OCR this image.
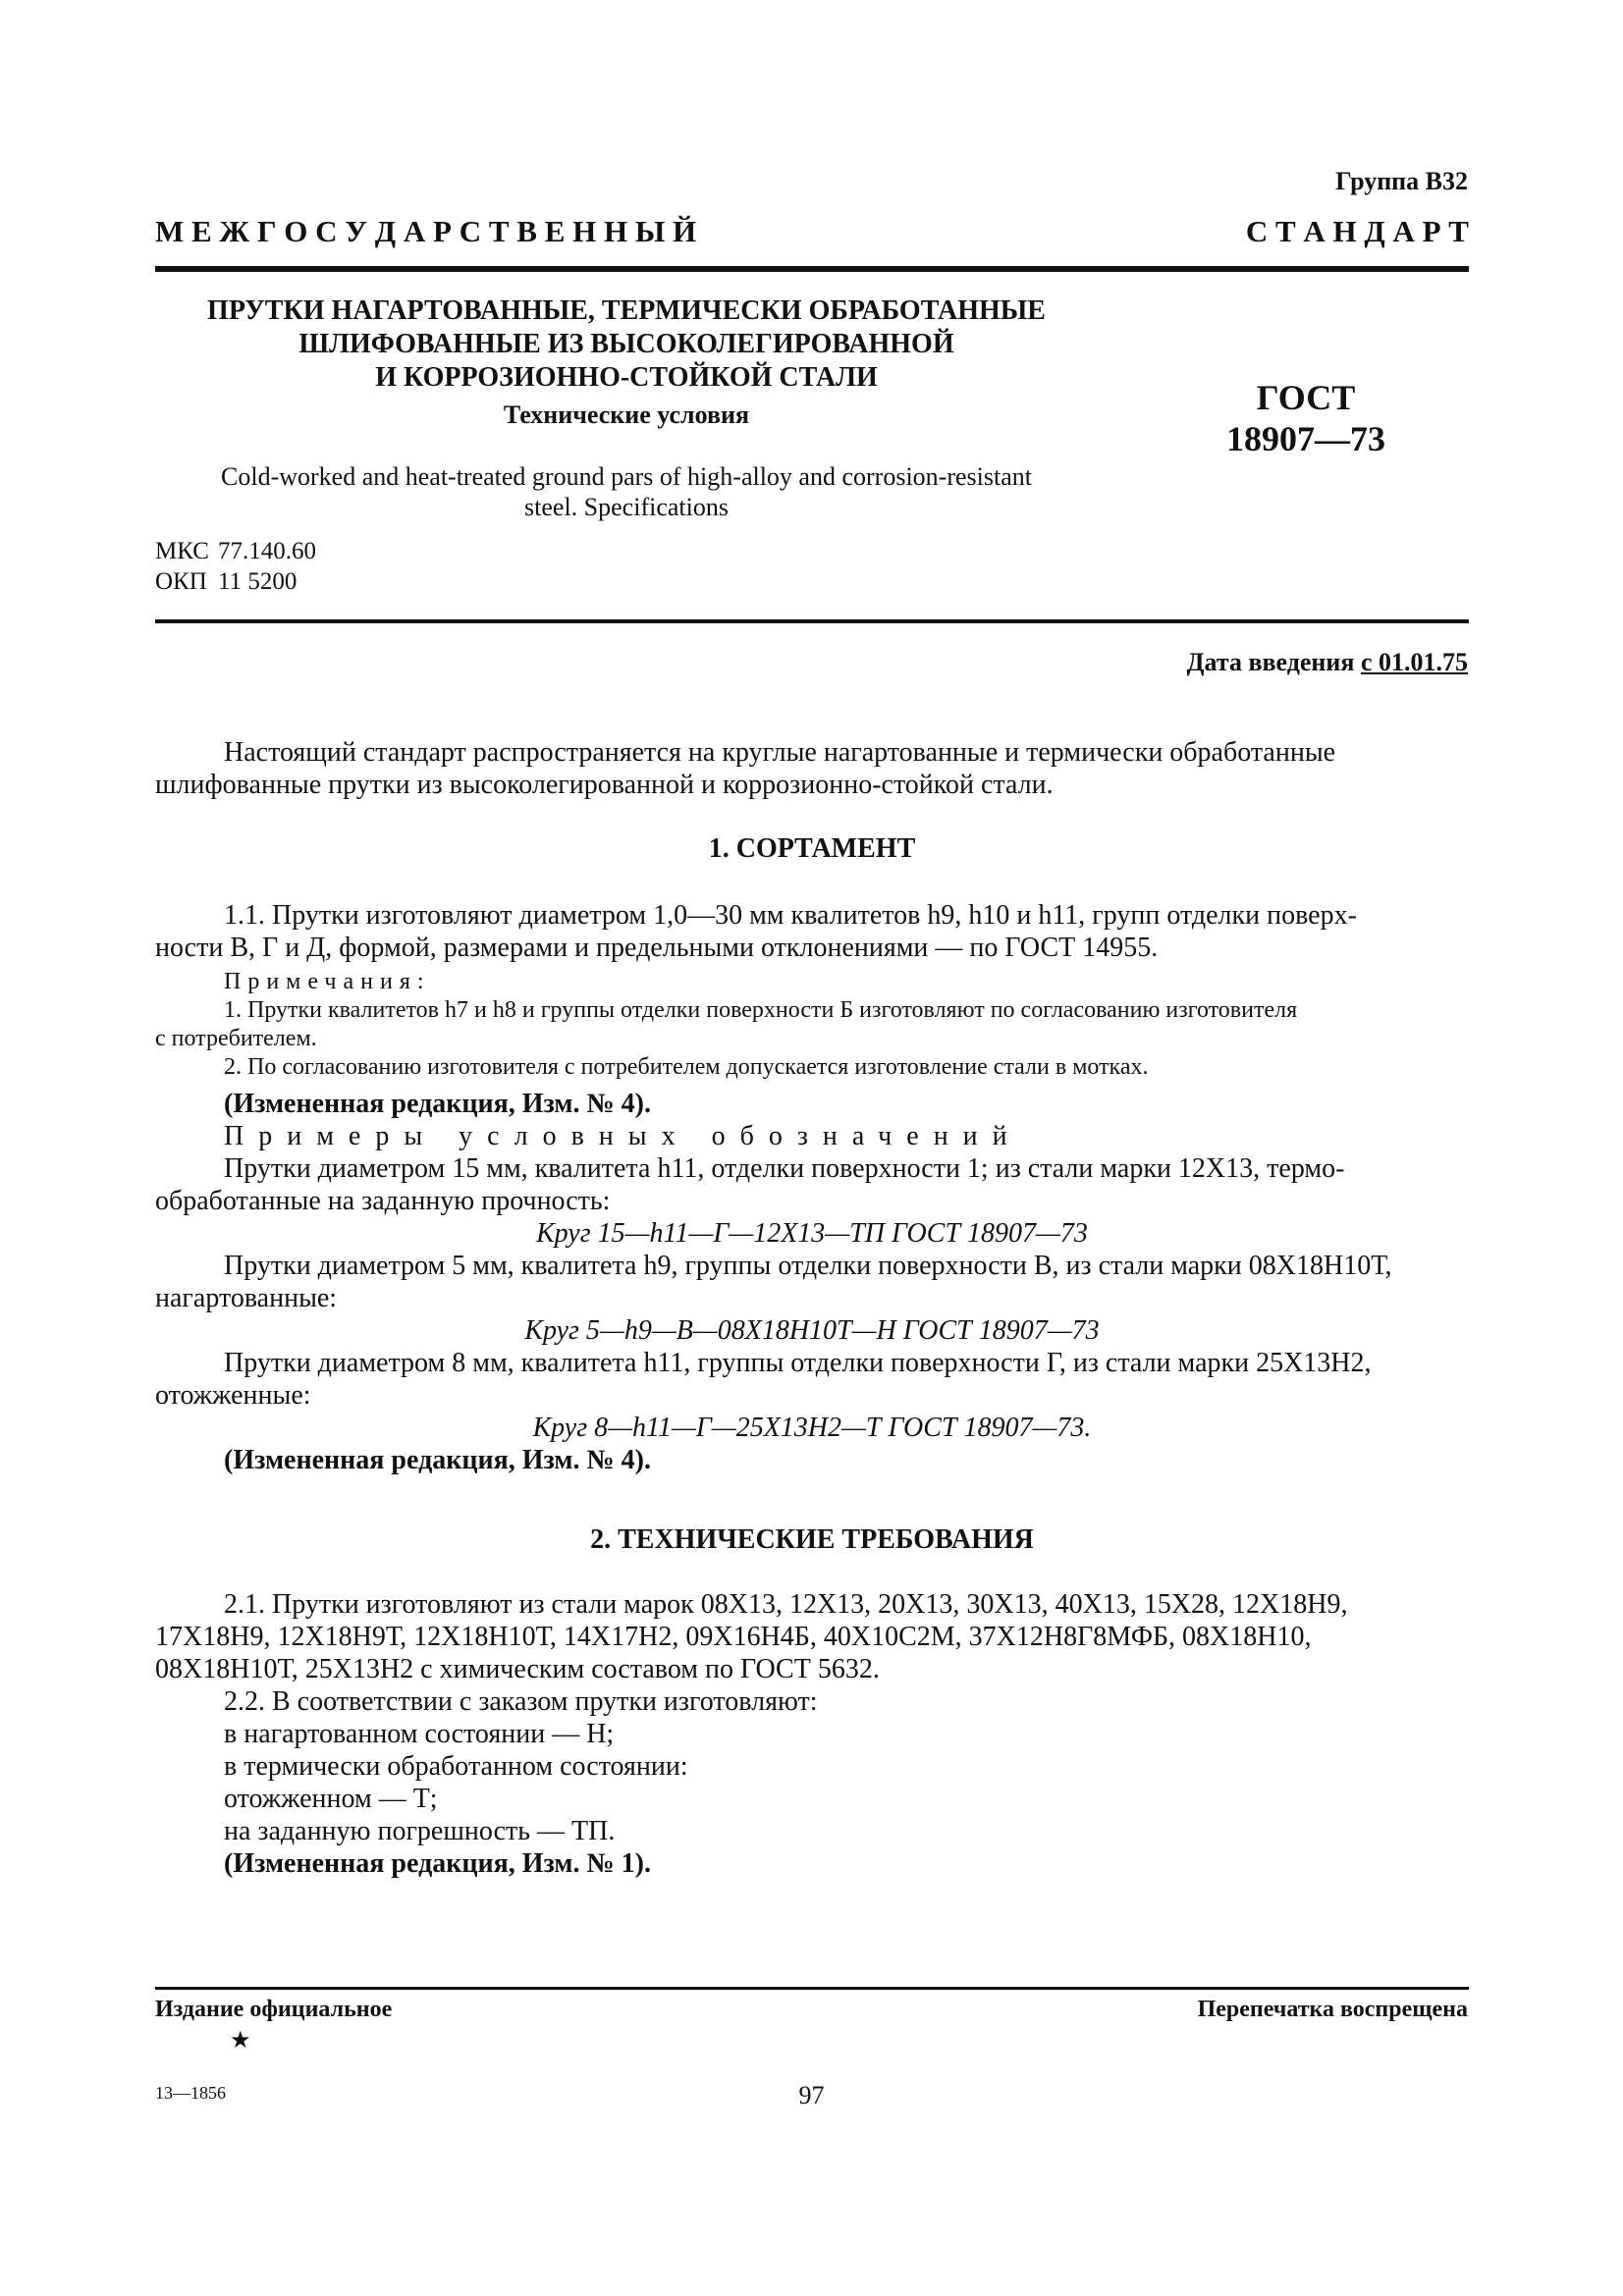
Группа В32
М Е Ж Г О С У Д А Р С Т В Е Н Н Ы Й	С Т А Н Д А Р Т
ПРУТКИ НАГАРТОВАННЫЕ, ТЕРМИЧЕСКИ ОБРАБОТАННЫЕ
ШЛИФОВАННЫЕ ИЗ ВЫСОКОЛЕГИРОВАННОЙ
И КОРРОЗИОННО-СТОЙКОЙ СТАЛИ
Технические условия	ГОСТ
18907—73
Cold-worked and heat-treated ground pars of high-alloy and corrosion-resistant
steel. Specifications
МКС 77.140.60
ОКП 11 5200
Дата введения с 01.01.75

Настоящий стандарт распространяется на круглые нагартованные и термически обработанные

шлифованные прутки из высоколегированной и коррозионно-стойкой стали.

1. СОРТАМЕНТ

1.1. Прутки изготовляют диаметром 1,0—30 мм квалитетов h9, h10 и h11, групп отделки поверх-

ности В, Г и Д, формой, размерами и предельными отклонениями — по ГОСТ 14955.

Примечания:

1. Прутки квалитетов h7 и h8 и группы отделки поверхности Б изготовляют по согласованию изготовителя

с потребителем.

2. По согласованию изготовителя с потребителем допускается изготовление стали в мотках.

(Измененная редакция, Изм. № 4).

Примеры условных обозначений

Прутки диаметром 15 мм, квалитета h11, отделки поверхности 1; из стали марки 12Х13, термо-

обработанные на заданную прочность:

Круг 15—h11—Г—12Х13—ТП ГОСТ 18907—73

Прутки диаметром 5 мм, квалитета h9, группы отделки поверхности В, из стали марки 08Х18Н10Т,

нагартованные:

Круг 5—h9—В—08Х18Н10Т—Н ГОСТ 18907—73

Прутки диаметром 8 мм, квалитета h11, группы отделки поверхности Г, из стали марки 25Х13Н2,

отожженные:

Круг 8—h11—Г—25Х13Н2—Т ГОСТ 18907—73.

(Измененная редакция, Изм. № 4).

2. ТЕХНИЧЕСКИЕ ТРЕБОВАНИЯ

2.1. Прутки изготовляют из стали марок 08Х13, 12Х13, 20Х13, 30Х13, 40Х13, 15Х28, 12Х18Н9,

17Х18Н9, 12Х18Н9Т, 12Х18Н10Т, 14Х17Н2, 09Х16Н4Б, 40Х10С2М, 37Х12Н8Г8МФБ, 08Х18Н10,

08Х18Н10Т, 25Х13Н2 с химическим составом по ГОСТ 5632.

2.2. В соответствии с заказом прутки изготовляют:

в нагартованном состоянии — Н;

в термически обработанном состоянии:

отожженном — Т;

на заданную погрешность — ТП.

(Измененная редакция, Изм. № 1).

Издание официальное
★
Перепечатка воспрещена
13—1856	97
